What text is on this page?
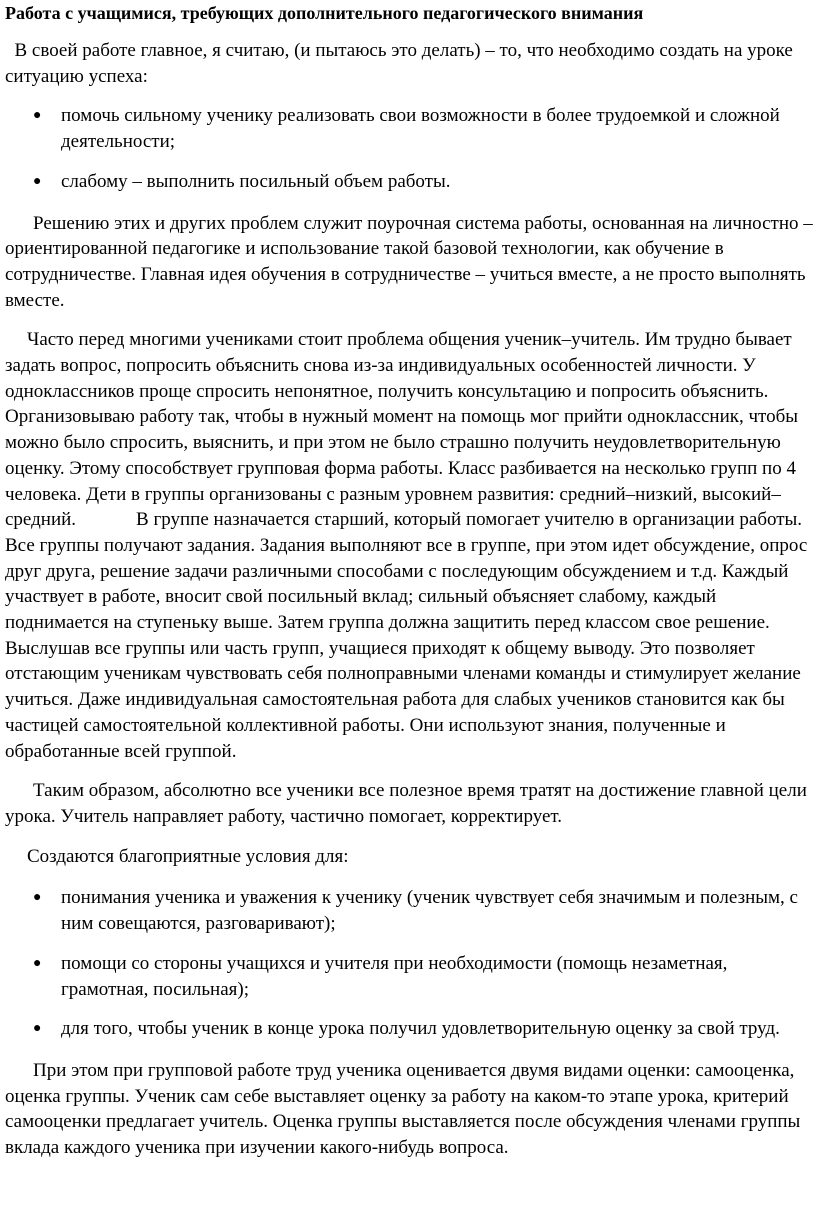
Работа с учащимися, требующих дополнительного педагогического внимания

В своей работе главное, я считаю, (и пытаюсь это делать) – то, что необходимо создать на уроке ситуацию успеха:

● помочь сильному ученику реализовать свои возможности в более трудоемкой и сложной деятельности;
● слабому – выполнить посильный объем работы.

Решению этих и других проблем служит поурочная система работы, основанная на личностно – ориентированной педагогике и использование такой базовой технологии, как обучение в сотрудничестве. Главная идея обучения в сотрудничестве – учиться вместе, а не просто выполнять вместе.

Часто перед многими учениками стоит проблема общения ученик–учитель. Им трудно бывает задать вопрос, попросить объяснить снова из-за индивидуальных особенностей личности. У одноклассников проще спросить непонятное, получить консультацию и попросить объяснить. Организовываю работу так, чтобы в нужный момент на помощь мог прийти одноклассник, чтобы можно было спросить, выяснить, и при этом не было страшно получить неудовлетворительную оценку. Этому способствует групповая форма работы. Класс разбивается на несколько групп по 4 человека. Дети в группы организованы с разным уровнем развития: средний–низкий, высокий–средний.	В группе назначается старший, который помогает учителю в организации работы. Все группы получают задания. Задания выполняют все в группе, при этом идет обсуждение, опрос друг друга, решение задачи различными способами с последующим обсуждением и т.д. Каждый участвует в работе, вносит свой посильный вклад; сильный объясняет слабому, каждый поднимается на ступеньку выше. Затем группа должна защитить перед классом свое решение. Выслушав все группы или часть групп, учащиеся приходят к общему выводу. Это позволяет отстающим ученикам чувствовать себя полноправными членами команды и стимулирует желание учиться. Даже индивидуальная самостоятельная работа для слабых учеников становится как бы частицей самостоятельной коллективной работы. Они используют знания, полученные и обработанные всей группой.

Таким образом, абсолютно все ученики все полезное время тратят на достижение главной цели урока. Учитель направляет работу, частично помогает, корректирует.

Создаются благоприятные условия для:

● понимания ученика и уважения к ученику (ученик чувствует себя значимым и полезным, с ним совещаются, разговаривают);
● помощи со стороны учащихся и учителя при необходимости (помощь незаметная, грамотная, посильная);
● для того, чтобы ученик в конце урока получил удовлетворительную оценку за свой труд.

При этом при групповой работе труд ученика оценивается двумя видами оценки: самооценка, оценка группы. Ученик сам себе выставляет оценку за работу на каком-то этапе урока, критерий самооценки предлагает учитель. Оценка группы выставляется после обсуждения членами группы вклада каждого ученика при изучении какого-нибудь вопроса.
